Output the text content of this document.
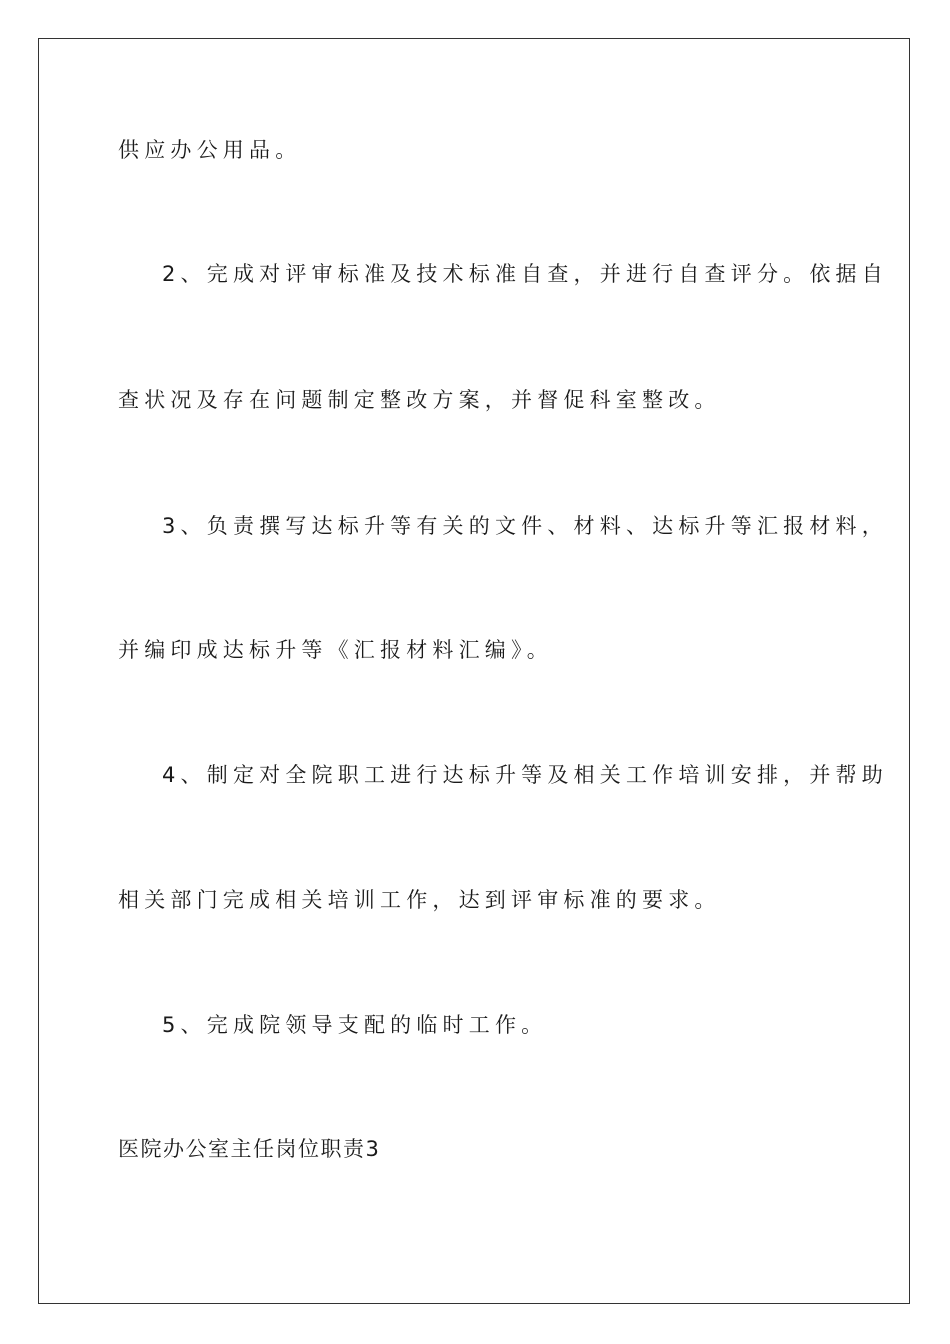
供应办公用品。
2、完成对评审标准及技术标准自查，并进行自查评分。依据自
查状况及存在问题制定整改方案，并督促科室整改。
3、负责撰写达标升等有关的文件、材料、达标升等汇报材料，
并编印成达标升等《汇报材料汇编》。
4、制定对全院职工进行达标升等及相关工作培训安排，并帮助
相关部门完成相关培训工作，达到评审标准的要求。
5、完成院领导支配的临时工作。
医院办公室主任岗位职责3
